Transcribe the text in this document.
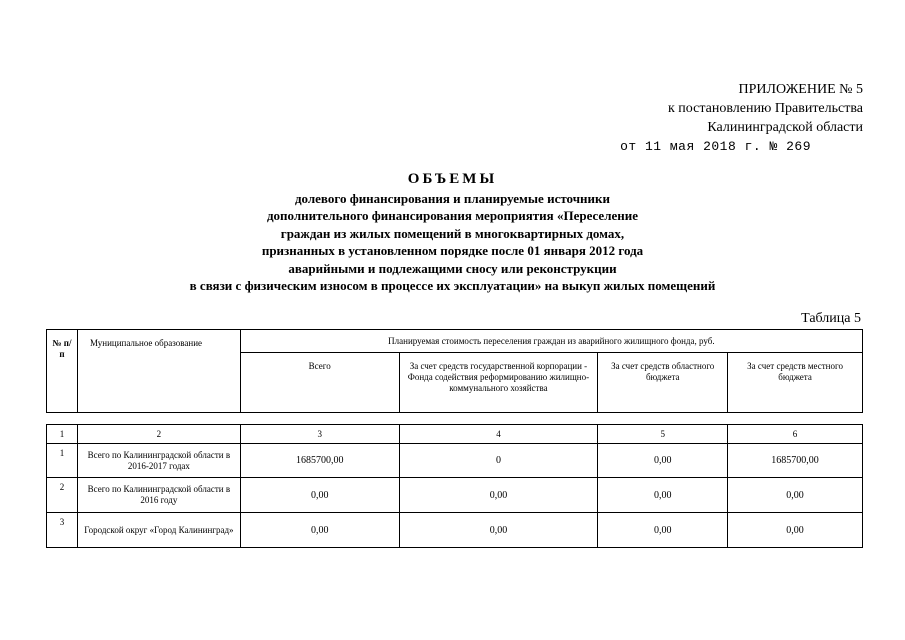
ПРИЛОЖЕНИЕ № 5
к постановлению Правительства
Калининградской области
от 11 мая 2018 г. № 269
ОБЪЕМЫ
долевого финансирования и планируемые источники
дополнительного финансирования мероприятия «Переселение
граждан из жилых помещений в многоквартирных домах,
признанных в установленном порядке после 01 января 2012 года
аварийными и подлежащими сносу или реконструкции
в связи с физическим износом в процессе их эксплуатации» на выкуп жилых помещений
Таблица 5
№ п/п	Муниципальное образование	Планируемая стоимость переселения граждан из аварийного жилищного фонда, руб.			
		Всего	За счет средств государственной корпорации - Фонда содействия реформированию жилищно-коммунального хозяйства	За счет средств областного бюджета	За счет средств местного бюджета
1	2	3	4	5	6
1	Всего по Калининградской области в 2016-2017 годах	1685700,00	0	0,00	1685700,00
2	Всего по Калининградской области в 2016 году	0,00	0,00	0,00	0,00
3	Городской округ «Город Калининград»	0,00	0,00	0,00	0,00
